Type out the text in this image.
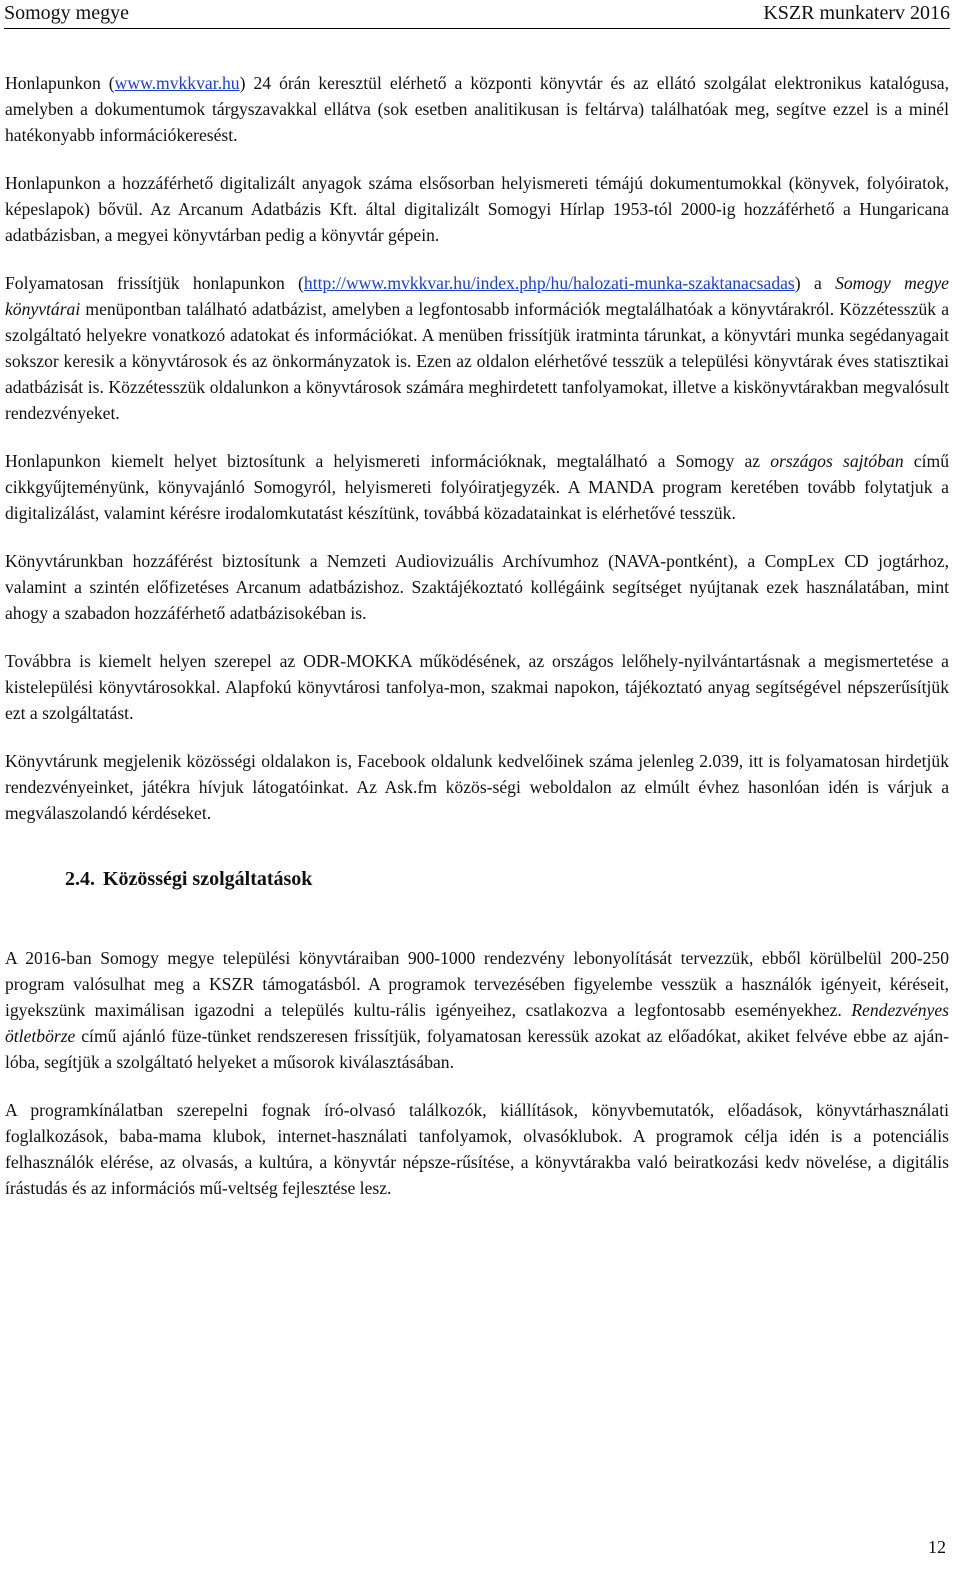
Somogy megye	KSZR munkaterv 2016

Honlapunkon (www.mvkkvar.hu) 24 órán keresztül elérhető a központi könyvtár és az ellátó szolgálat elektronikus katalógusa, amelyben a dokumentumok tárgyszavakkal ellátva (sok esetben analitikusan is feltárva) találhatóak meg, segítve ezzel is a minél hatékonyabb információkeresést.

Honlapunkon a hozzáférhető digitalizált anyagok száma elsősorban helyismereti témájú dokumentumokkal (könyvek, folyóiratok, képeslapok) bővül. Az Arcanum Adatbázis Kft. által digitalizált Somogyi Hírlap 1953-tól 2000-ig hozzáférhető a Hungaricana adatbázisban, a megyei könyvtárban pedig a könyvtár gépein.

Folyamatosan frissítjük honlapunkon (http://www.mvkkvar.hu/index.php/hu/halozati-munka-szaktanacsadas) a Somogy megye könyvtárai menüpontban található adatbázist, amelyben a legfontosabb információk megtalálhatóak a könyvtárakról. Közzétesszük a szolgáltató helyekre vonatkozó adatokat és információkat. A menüben frissítjük iratminta tárunkat, a könyvtári munka segédanyagait sokszor keresik a könyvtárosok és az önkormányzatok is. Ezen az oldalon elérhetővé tesszük a települési könyvtárak éves statisztikai adatbázisát is. Közzétesszük oldalunkon a könyvtárosok számára meghirdetett tanfolyamokat, illetve a kiskönyvtárakban megvalósult rendezvényeket.

Honlapunkon kiemelt helyet biztosítunk a helyismereti információknak, megtalálható a Somogy az országos sajtóban című cikkgyűjteményünk, könyvajánló Somogyról, helyismereti folyóiratjegyzék. A MANDA program keretében tovább folytatjuk a digitalizálást, valamint kérésre irodalomkutatást készítünk, továbbá közadatainkat is elérhetővé tesszük.

Könyvtárunkban hozzáférést biztosítunk a Nemzeti Audiovizuális Archívumhoz (NAVA-pontként), a CompLex CD jogtárhoz, valamint a szintén előfizetéses Arcanum adatbázishoz. Szaktájékoztató kollégáink segítséget nyújtanak ezek használatában, mint ahogy a szabadon hozzáférhető adatbázisokéban is.

Továbbra is kiemelt helyen szerepel az ODR-MOKKA működésének, az országos lelőhely-nyilvántartásnak a megismertetése a kistelepülési könyvtárosokkal. Alapfokú könyvtárosi tanfolya-mon, szakmai napokon, tájékoztató anyag segítségével népszerűsítjük ezt a szolgáltatást.

Könyvtárunk megjelenik közösségi oldalakon is, Facebook oldalunk kedvelőinek száma jelenleg 2.039, itt is folyamatosan hirdetjük rendezvényeinket, játékra hívjuk látogatóinkat. Az Ask.fm közös-ségi weboldalon az elmúlt évhez hasonlóan idén is várjuk a megválaszolandó kérdéseket.

2.4. Közösségi szolgáltatások

A 2016-ban Somogy megye települési könyvtáraiban 900-1000 rendezvény lebonyolítását tervezzük, ebből körülbelül 200-250 program valósulhat meg a KSZR támogatásból. A programok tervezésében figyelembe vesszük a használók igényeit, kéréseit, igyekszünk maximálisan igazodni a település kultu-rális igényeihez, csatlakozva a legfontosabb eseményekhez. Rendezvényes ötletbörze című ajánló füze-tünket rendszeresen frissítjük, folyamatosan keressük azokat az előadókat, akiket felvéve ebbe az aján-lóba, segítjük a szolgáltató helyeket a műsorok kiválasztásában.

A programkínálatban szerepelni fognak író-olvasó találkozók, kiállítások, könyvbemutatók, előadások, könyvtárhasználati foglalkozások, baba-mama klubok, internet-használati tanfolyamok, olvasóklubok. A programok célja idén is a potenciális felhasználók elérése, az olvasás, a kultúra, a könyvtár népsze-rűsítése, a könyvtárakba való beiratkozási kedv növelése, a digitális írástudás és az információs mű-veltség fejlesztése lesz.

12
